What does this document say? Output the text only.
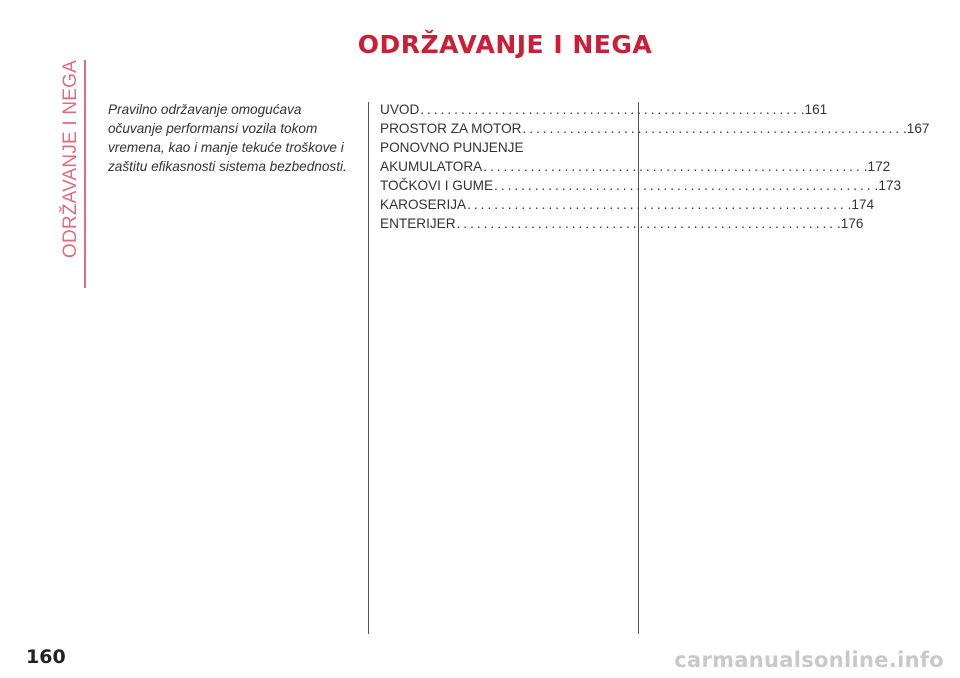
ODRŽAVANJE I NEGA
ODRŽAVANJE I NEGA

Pravilno održavanje omogućava očuvanje performansi vozila tokom vremena, kao i manje tekuće troškove i zaštitu efikasnosti sistema bezbednosti.

UVOD ........................................................ .161
PROSTOR ZA MOTOR ........................................................ .167
PONOVNO PUNJENJE
AKUMULATORA ........................................................ .172
TOČKOVI I GUME ........................................................ .173
KAROSERIJA ........................................................ .174
ENTERIJER ........................................................ .176
160	carmanualsonline.info
